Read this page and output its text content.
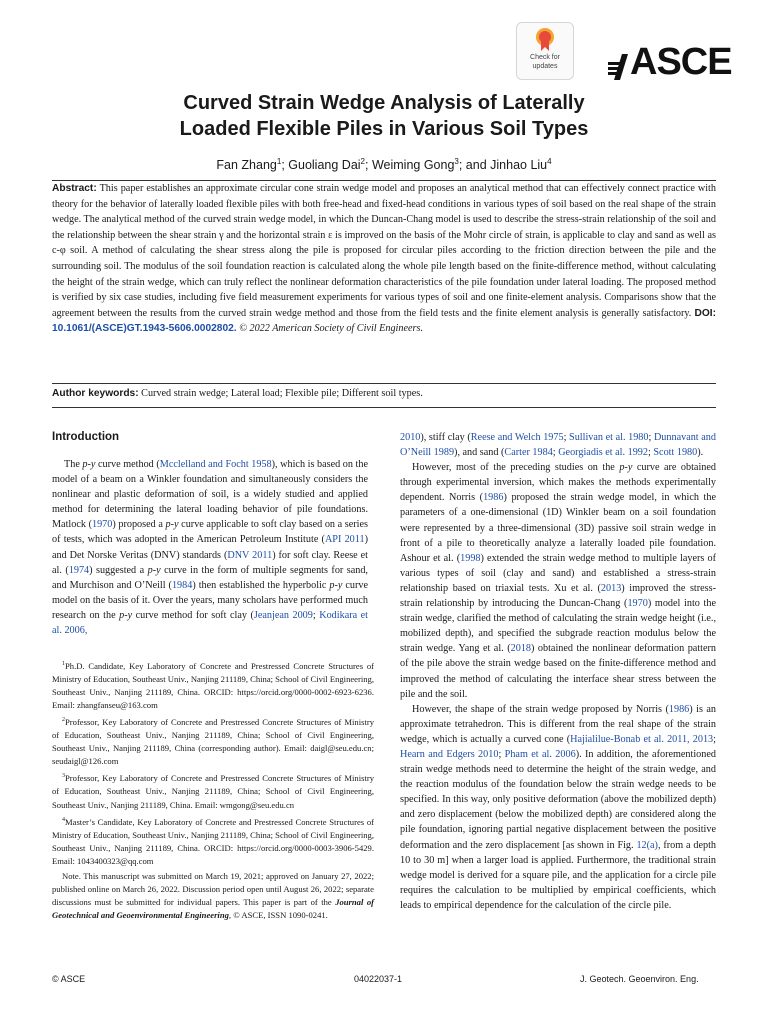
Check for
updates	ASCE
Curved Strain Wedge Analysis of Laterally
Loaded Flexible Piles in Various Soil Types
Fan Zhang$^1$; Guoliang Dai$^2$; Weiming Gong$^3$; and Jinhao Liu$^4$
Abstract: This paper establishes an approximate circular cone strain wedge model and proposes an analytical method that can effectively connect practice with theory for the behavior of laterally loaded flexible piles with both free-head and fixed-head conditions in various types of soil based on the real shape of the strain wedge. The analytical method of the curved strain wedge model, in which the Duncan-Chang model is used to describe the stress-strain relationship of the soil and the relationship between the shear strain γ and the horizontal strain ε is improved on the basis of the Mohr circle of strain, is applicable to clay and sand as well as c-φ soil. A method of calculating the shear stress along the pile is proposed for circular piles according to the friction direction between the pile and the surrounding soil. The modulus of the soil foundation reaction is calculated along the whole pile length based on the finite-difference method, without calculating the height of the strain wedge, which can truly reflect the nonlinear deformation characteristics of the pile foundation under lateral loading. The proposed method is verified by six case studies, including five field measurement experiments for various types of soil and one finite-element analysis. Comparisons show that the agreement between the results from the curved strain wedge method and those from the field tests and the finite element analysis is generally satisfactory. DOI: 10.1061/(ASCE)GT.1943-5606.0002802. © 2022 American Society of Civil Engineers.
Author keywords: Curved strain wedge; Lateral load; Flexible pile; Different soil types.
Introduction

The p-y curve method (Mcclelland and Focht 1958), which is based on the model of a beam on a Winkler foundation and simultaneously considers the nonlinear and plastic deformation of soil, is a widely studied and applied method for determining the lateral loading behavior of pile foundations. Matlock (1970) proposed a p-y curve applicable to soft clay based on a series of tests, which was adopted in the American Petroleum Institute (API 2011) and Det Norske Veritas (DNV) standards (DNV 2011) for soft clay. Reese et al. (1974) suggested a p-y curve in the form of multiple segments for sand, and Murchison and O’Neill (1984) then established the hyperbolic p-y curve model on the basis of it. Over the years, many scholars have performed much research on the p-y curve method for soft clay (Jeanjean 2009; Kodikara et al. 2006,

$^1$Ph.D. Candidate, Key Laboratory of Concrete and Prestressed Concrete Structures of Ministry of Education, Southeast Univ., Nanjing 211189, China; School of Civil Engineering, Southeast Univ., Nanjing 211189, China. ORCID: https://orcid.org/0000-0002-6923-6236. Email: zhangfanseu@163.com

$^2$Professor, Key Laboratory of Concrete and Prestressed Concrete Structures of Ministry of Education, Southeast Univ., Nanjing 211189, China; School of Civil Engineering, Southeast Univ., Nanjing 211189, China (corresponding author). Email: daigl@seu.edu.cn; seudaigl@126.com

$^3$Professor, Key Laboratory of Concrete and Prestressed Concrete Structures of Ministry of Education, Southeast Univ., Nanjing 211189, China; School of Civil Engineering, Southeast Univ., Nanjing 211189, China. Email: wmgong@seu.edu.cn

$^4$Master’s Candidate, Key Laboratory of Concrete and Prestressed Concrete Structures of Ministry of Education, Southeast Univ., Nanjing 211189, China; School of Civil Engineering, Southeast Univ., Nanjing 211189, China. ORCID: https://orcid.org/0000-0003-3906-5429. Email: 1043400323@qq.com

Note. This manuscript was submitted on March 19, 2021; approved on January 27, 2022; published online on March 26, 2022. Discussion period open until August 26, 2022; separate discussions must be submitted for individual papers. This paper is part of the Journal of Geotechnical and Geoenvironmental Engineering, © ASCE, ISSN 1090-0241.

2010), stiff clay (Reese and Welch 1975; Sullivan et al. 1980; Dunnavant and O’Neill 1989), and sand (Carter 1984; Georgiadis et al. 1992; Scott 1980).

However, most of the preceding studies on the p-y curve are obtained through experimental inversion, which makes the methods experimentally dependent. Norris (1986) proposed the strain wedge model, in which the parameters of a one-dimensional (1D) Winkler beam on a soil foundation were represented by a three-dimensional (3D) passive soil strain wedge in front of a pile to theoretically analyze a laterally loaded pile foundation. Ashour et al. (1998) extended the strain wedge method to multiple layers of various types of soil (clay and sand) and established a stress-strain relationship based on triaxial tests. Xu et al. (2013) improved the stress-strain relationship by introducing the Duncan-Chang (1970) model into the strain wedge, clarified the method of calculating the strain wedge height (i.e., mobilized depth), and specified the subgrade reaction modulus below the strain wedge. Yang et al. (2018) obtained the nonlinear deformation pattern of the pile above the strain wedge based on the finite-difference method and improved the method of calculating the interface shear stress between the pile and the soil.

However, the shape of the strain wedge proposed by Norris (1986) is an approximate tetrahedron. This is different from the real shape of the strain wedge, which is actually a curved cone (Hajialilue-Bonab et al. 2011, 2013; Hearn and Edgers 2010; Pham et al. 2006). In addition, the aforementioned strain wedge methods need to determine the height of the strain wedge, and the reaction modulus of the foundation below the strain wedge needs to be specified. In this way, only positive deformation (above the mobilized depth) and zero displacement (below the mobilized depth) are considered along the pile foundation, ignoring partial negative displacement between the positive deformation and the zero displacement [as shown in Fig. 12(a), from a depth 10 to 30 m] when a larger load is applied. Furthermore, the traditional strain wedge model is derived for a square pile, and the application for a circle pile requires the calculation to be multiplied by empirical coefficients, which leads to empirical dependence for the calculation of the circle pile.

© ASCE	04022037-1	J. Geotech. Geoenviron. Eng.
